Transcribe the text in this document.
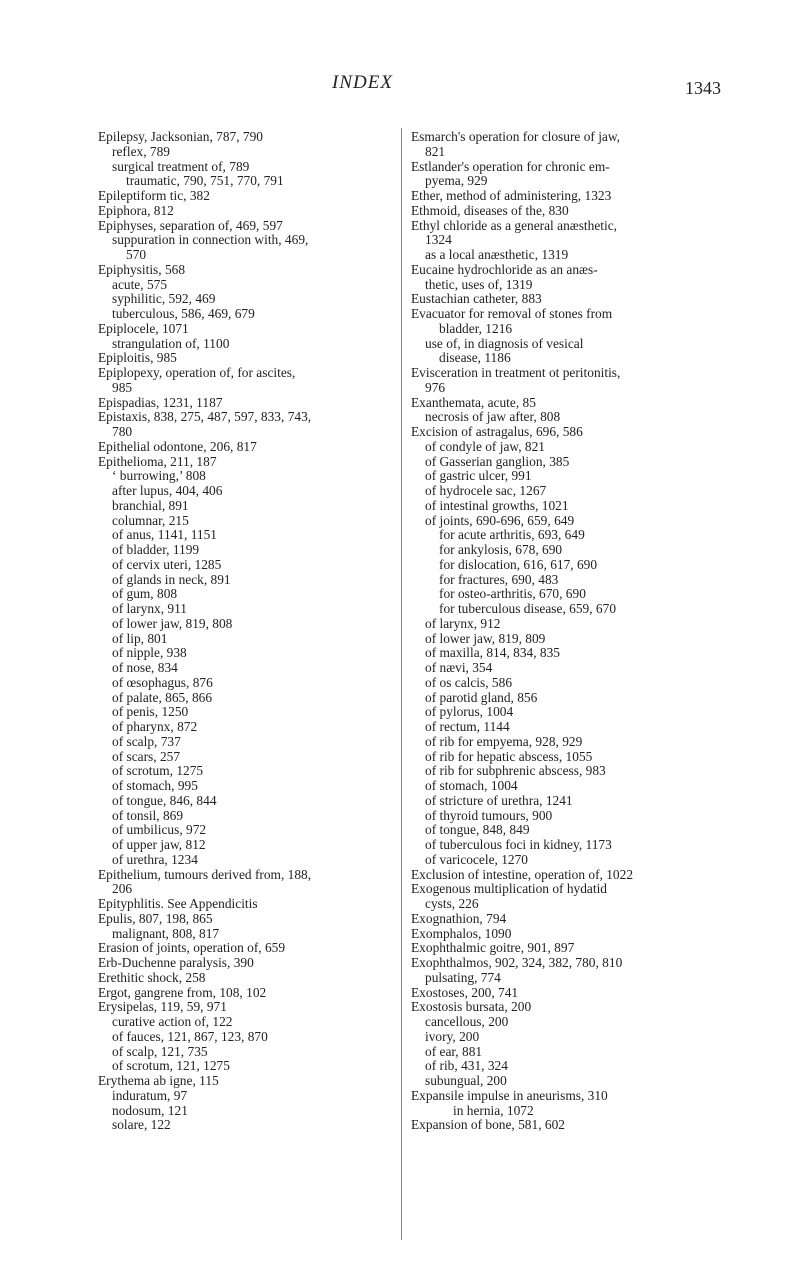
INDEX	1343
Epilepsy, Jacksonian, 787, 790
reflex, 789
surgical treatment of, 789
traumatic, 790, 751, 770, 791
Epileptiform tic, 382
Epiphora, 812
Epiphyses, separation of, 469, 597
suppuration in connection with, 469,
570
Epiphysitis, 568
acute, 575
syphilitic, 592, 469
tuberculous, 586, 469, 679
Epiplocele, 1071
strangulation of, 1100
Epiploitis, 985
Epiplopexy, operation of, for ascites,
985
Epispadias, 1231, 1187
Epistaxis, 838, 275, 487, 597, 833, 743,
780
Epithelial odontone, 206, 817
Epithelioma, 211, 187
‘ burrowing,’ 808
after lupus, 404, 406
branchial, 891
columnar, 215
of anus, 1141, 1151
of bladder, 1199
of cervix uteri, 1285
of glands in neck, 891
of gum, 808
of larynx, 911
of lower jaw, 819, 808
of lip, 801
of nipple, 938
of nose, 834
of œsophagus, 876
of palate, 865, 866
of penis, 1250
of pharynx, 872
of scalp, 737
of scars, 257
of scrotum, 1275
of stomach, 995
of tongue, 846, 844
of tonsil, 869
of umbilicus, 972
of upper jaw, 812
of urethra, 1234
Epithelium, tumours derived from, 188,
206
Epityphlitis. See Appendicitis
Epulis, 807, 198, 865
malignant, 808, 817
Erasion of joints, operation of, 659
Erb-Duchenne paralysis, 390
Erethitic shock, 258
Ergot, gangrene from, 108, 102
Erysipelas, 119, 59, 971
curative action of, 122
of fauces, 121, 867, 123, 870
of scalp, 121, 735
of scrotum, 121, 1275
Erythema ab igne, 115
induratum, 97
nodosum, 121
solare, 122
Esmarch's operation for closure of jaw,
821
Estlander's operation for chronic em-
pyema, 929
Ether, method of administering, 1323
Ethmoid, diseases of the, 830
Ethyl chloride as a general anæsthetic,
1324
as a local anæsthetic, 1319
Eucaine hydrochloride as an anæs-
thetic, uses of, 1319
Eustachian catheter, 883
Evacuator for removal of stones from
bladder, 1216
use of, in diagnosis of vesical
disease, 1186
Evisceration in treatment ot peritonitis,
976
Exanthemata, acute, 85
necrosis of jaw after, 808
Excision of astragalus, 696, 586
of condyle of jaw, 821
of Gasserian ganglion, 385
of gastric ulcer, 991
of hydrocele sac, 1267
of intestinal growths, 1021
of joints, 690-696, 659, 649
for acute arthritis, 693, 649
for ankylosis, 678, 690
for dislocation, 616, 617, 690
for fractures, 690, 483
for osteo-arthritis, 670, 690
for tuberculous disease, 659, 670
of larynx, 912
of lower jaw, 819, 809
of maxilla, 814, 834, 835
of nævi, 354
of os calcis, 586
of parotid gland, 856
of pylorus, 1004
of rectum, 1144
of rib for empyema, 928, 929
of rib for hepatic abscess, 1055
of rib for subphrenic abscess, 983
of stomach, 1004
of stricture of urethra, 1241
of thyroid tumours, 900
of tongue, 848, 849
of tuberculous foci in kidney, 1173
of varicocele, 1270
Exclusion of intestine, operation of, 1022
Exogenous multiplication of hydatid
cysts, 226
Exognathion, 794
Exomphalos, 1090
Exophthalmic goitre, 901, 897
Exophthalmos, 902, 324, 382, 780, 810
pulsating, 774
Exostoses, 200, 741
Exostosis bursata, 200
cancellous, 200
ivory, 200
of ear, 881
of rib, 431, 324
subungual, 200
Expansile impulse in aneurisms, 310
in hernia, 1072
Expansion of bone, 581, 602
